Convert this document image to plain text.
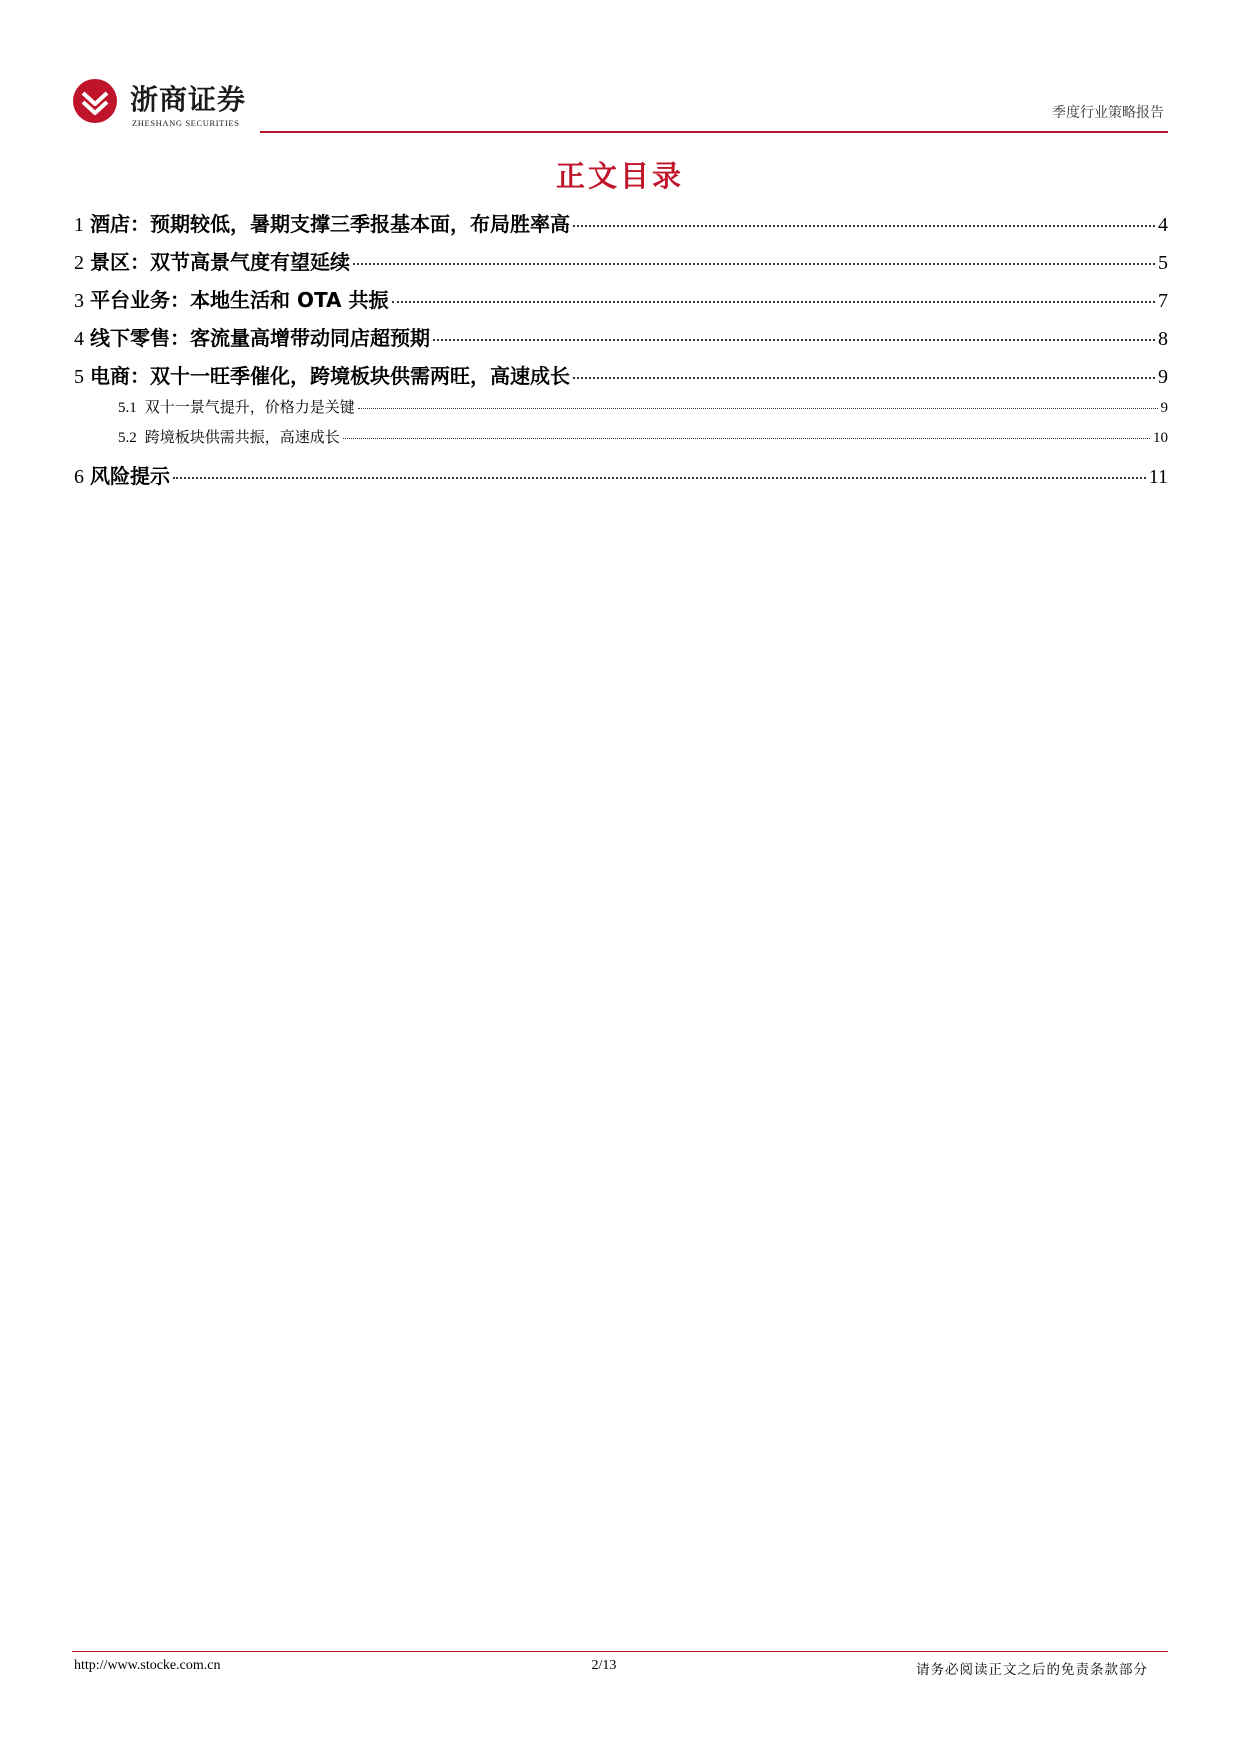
浙商证券
ZHESHANG SECURITIES
季度行业策略报告
正文目录
1 酒店：预期较低，暑期支撑三季报基本面，布局胜率高	4
2 景区：双节高景气度有望延续	5
3 平台业务：本地生活和 OTA 共振	7
4 线下零售：客流量高增带动同店超预期	8
5 电商：双十一旺季催化，跨境板块供需两旺，高速成长	9
5.1 双十一景气提升，价格力是关键	9
5.2 跨境板块供需共振，高速成长	10
6 风险提示	11
http://www.stocke.com.cn	2/13	请务必阅读正文之后的免责条款部分
